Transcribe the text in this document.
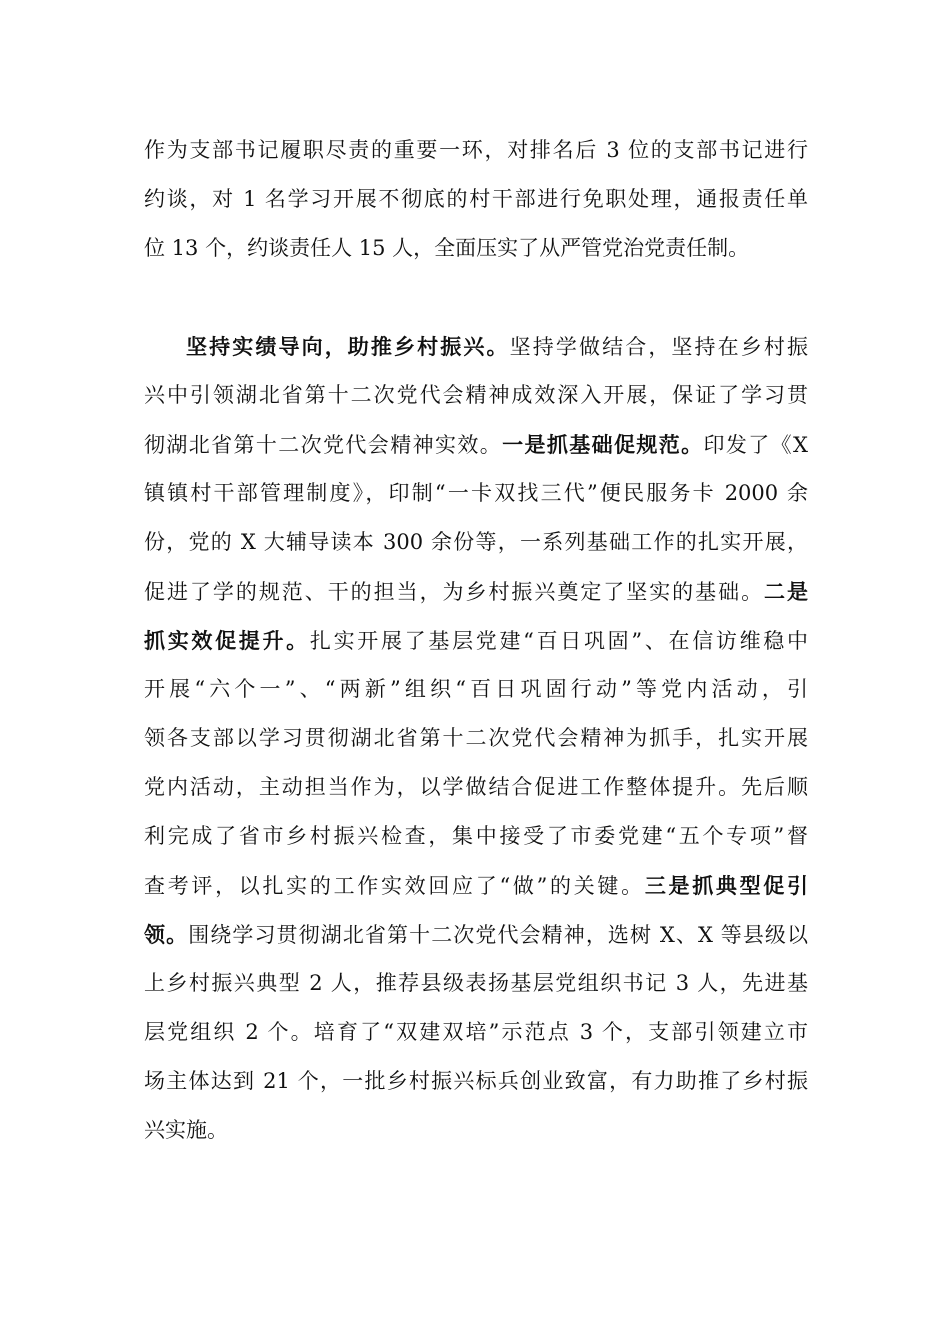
作为支部书记履职尽责的重要一环，对排名后 3 位的支部书记进行
约谈，对 1 名学习开展不彻底的村干部进行免职处理，通报责任单
位 13 个，约谈责任人 15 人，全面压实了从严管党治党责任制。
坚持实绩导向，助推乡村振兴。坚持学做结合，坚持在乡村振
兴中引领湖北省第十二次党代会精神成效深入开展，保证了学习贯
彻湖北省第十二次党代会精神实效。一是抓基础促规范。印发了《X
镇镇村干部管理制度》，印制“一卡双找三代”便民服务卡 2000 余
份，党的 X 大辅导读本 300 余份等，一系列基础工作的扎实开展，
促进了学的规范、干的担当，为乡村振兴奠定了坚实的基础。二是
抓实效促提升。扎实开展了基层党建“百日巩固”、在信访维稳中
开展“六个一”、“两新”组织“百日巩固行动”等党内活动，引
领各支部以学习贯彻湖北省第十二次党代会精神为抓手，扎实开展
党内活动，主动担当作为，以学做结合促进工作整体提升。先后顺
利完成了省市乡村振兴检查，集中接受了市委党建“五个专项”督
查考评，以扎实的工作实效回应了“做”的关键。三是抓典型促引
领。围绕学习贯彻湖北省第十二次党代会精神，选树 X、X 等县级以
上乡村振兴典型 2 人，推荐县级表扬基层党组织书记 3 人，先进基
层党组织 2 个。培育了“双建双培”示范点 3 个，支部引领建立市
场主体达到 21 个，一批乡村振兴标兵创业致富，有力助推了乡村振
兴实施。
